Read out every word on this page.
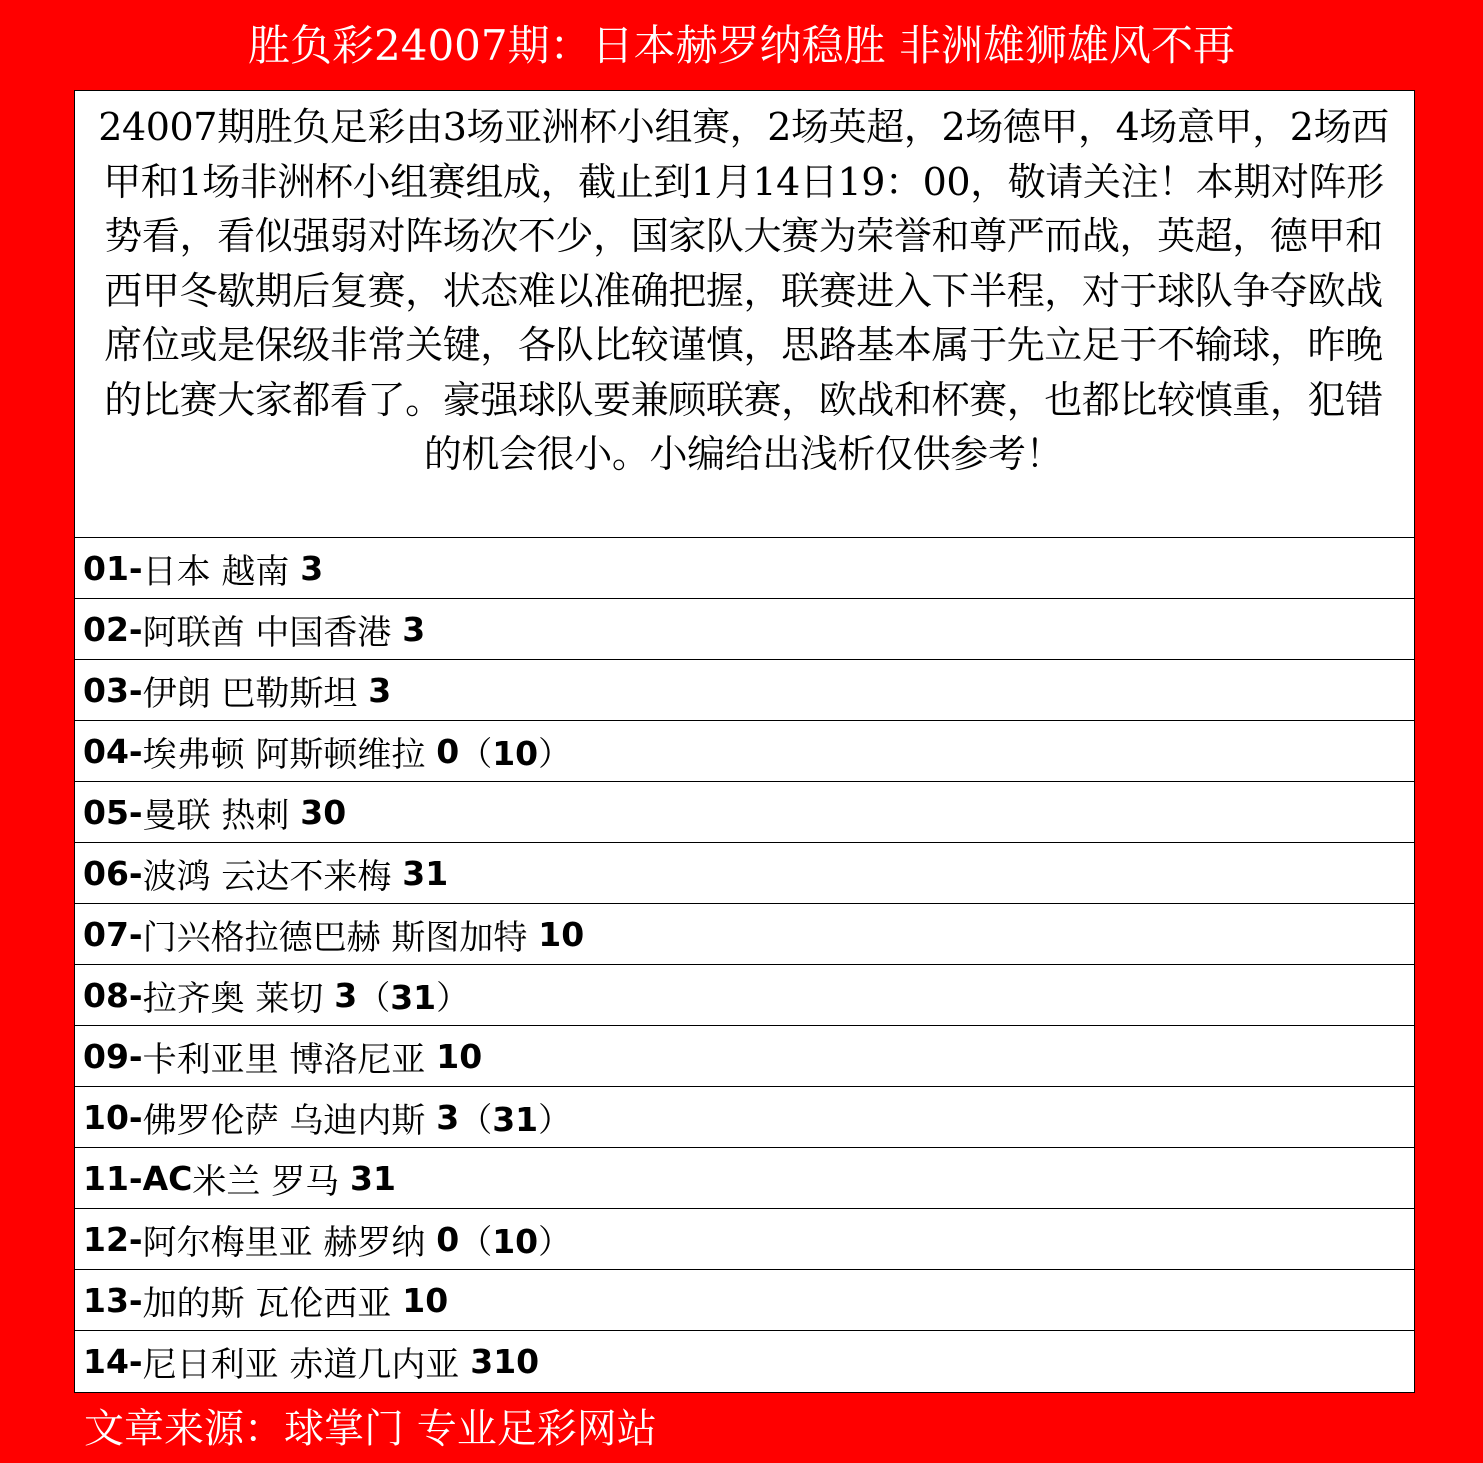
胜负彩24007期：日本赫罗纳稳胜 非洲雄狮雄风不再

24007期胜负足彩由3场亚洲杯小组赛，2场英超，2场德甲，4场意甲，2场西甲和1场非洲杯小组赛组成，截止到1月14日19：00，敬请关注！本期对阵形势看，看似强弱对阵场次不少，国家队大赛为荣誉和尊严而战，英超，德甲和西甲冬歇期后复赛，状态难以准确把握，联赛进入下半程，对于球队争夺欧战席位或是保级非常关键，各队比较谨慎，思路基本属于先立足于不输球，昨晚的比赛大家都看了。豪强球队要兼顾联赛，欧战和杯赛，也都比较慎重，犯错的机会很小。小编给出浅析仅供参考！

01- 日本 越南 3
02- 阿联酋 中国香港 3
03- 伊朗 巴勒斯坦 3
04- 埃弗顿 阿斯顿维拉 0 （10）
05- 曼联 热刺 30
06- 波鸿 云达不来梅 31
07- 门兴格拉德巴赫 斯图加特 10
08- 拉齐奥 莱切 3 （31）
09- 卡利亚里 博洛尼亚 10
10- 佛罗伦萨 乌迪内斯 3 （31）
11-AC 米兰 罗马 31
12- 阿尔梅里亚 赫罗纳 0 （10）
13- 加的斯 瓦伦西亚 10
14- 尼日利亚 赤道几内亚 310
文章来源：球掌门 专业足彩网站
